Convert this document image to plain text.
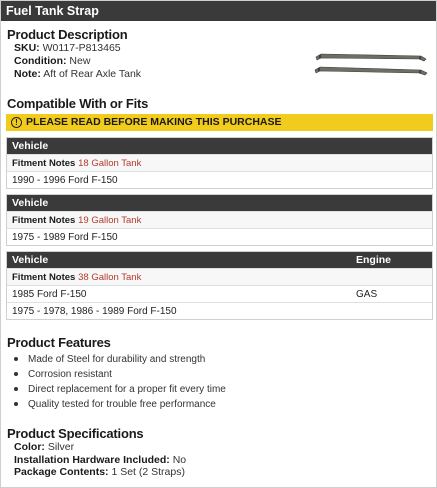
Fuel Tank Strap
Product Description
SKU: W0117-P813465
Condition: New
Note: Aft of Rear Axle Tank
Compatible With or Fits
! PLEASE READ BEFORE MAKING THIS PURCHASE
Vehicle
Fitment Notes 18 Gallon Tank
1990 - 1996 Ford F-150
Vehicle
Fitment Notes 19 Gallon Tank
1975 - 1989 Ford F-150
Vehicle	Engine
Fitment Notes 38 Gallon Tank
1985 Ford F-150	GAS
1975 - 1978, 1986 - 1989 Ford F-150
Product Features
Made of Steel for durability and strength
Corrosion resistant
Direct replacement for a proper fit every time
Quality tested for trouble free performance
Product Specifications
Color: Silver
Installation Hardware Included: No
Package Contents: 1 Set (2 Straps)
